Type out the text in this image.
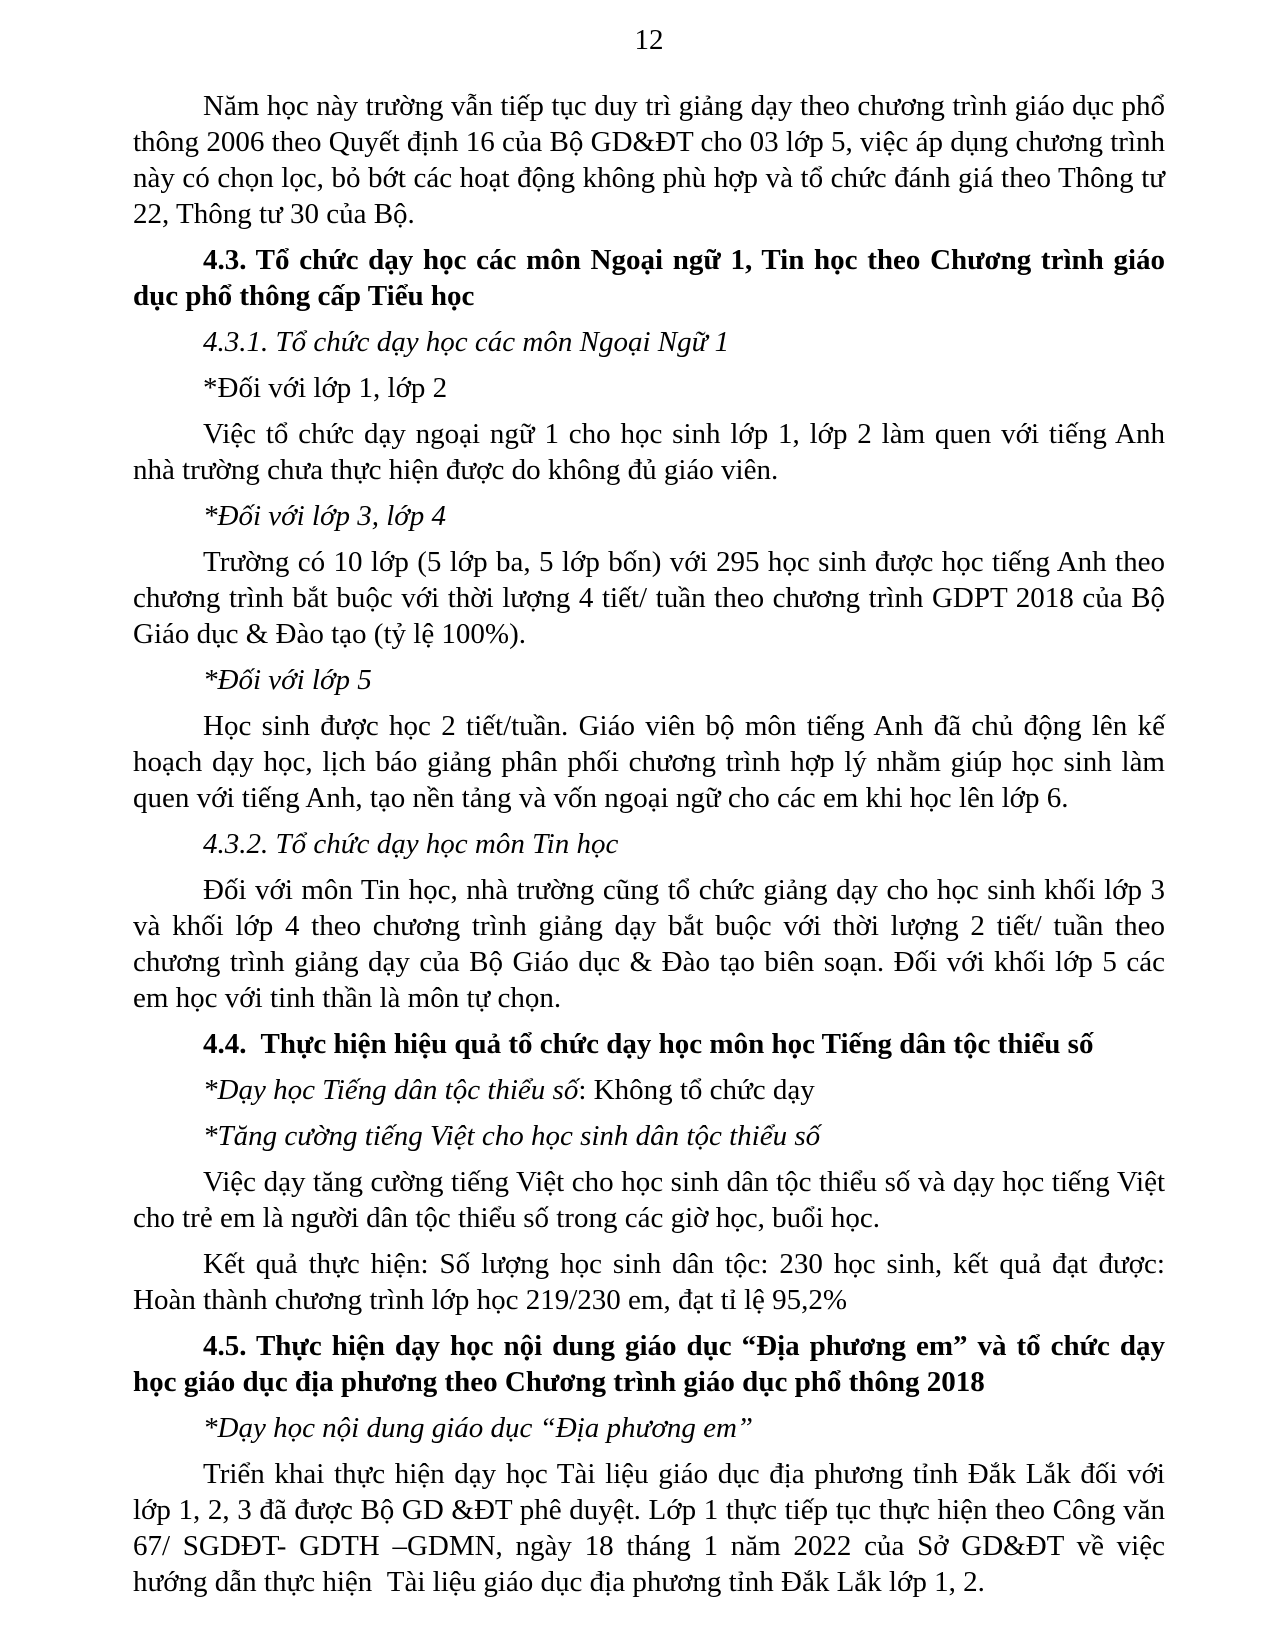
12

Năm học này trường vẫn tiếp tục duy trì giảng dạy theo chương trình giáo dục phổ thông 2006 theo Quyết định 16 của Bộ GD&ĐT cho 03 lớp 5, việc áp dụng chương trình này có chọn lọc, bỏ bớt các hoạt động không phù hợp và tổ chức đánh giá theo Thông tư 22, Thông tư 30 của Bộ.

4.3. Tổ chức dạy học các môn Ngoại ngữ 1, Tin học theo Chương trình giáo dục phổ thông cấp Tiểu học

4.3.1. Tổ chức dạy học các môn Ngoại Ngữ 1

*Đối với lớp 1, lớp 2

Việc tổ chức dạy ngoại ngữ 1 cho học sinh lớp 1, lớp 2 làm quen với tiếng Anh nhà trường chưa thực hiện được do không đủ giáo viên.

*Đối với lớp 3, lớp 4

Trường có 10 lớp (5 lớp ba, 5 lớp bốn) với 295 học sinh được học tiếng Anh theo chương trình bắt buộc với thời lượng 4 tiết/ tuần theo chương trình GDPT 2018 của Bộ Giáo dục & Đào tạo (tỷ lệ 100%).

*Đối với lớp 5

Học sinh được học 2 tiết/tuần. Giáo viên bộ môn tiếng Anh đã chủ động lên kế hoạch dạy học, lịch báo giảng phân phối chương trình hợp lý nhằm giúp học sinh làm quen với tiếng Anh, tạo nền tảng và vốn ngoại ngữ cho các em khi học lên lớp 6.

4.3.2. Tổ chức dạy học môn Tin học

Đối với môn Tin học, nhà trường cũng tổ chức giảng dạy cho học sinh khối lớp 3 và khối lớp 4 theo chương trình giảng dạy bắt buộc với thời lượng 2 tiết/ tuần theo chương trình giảng dạy của Bộ Giáo dục & Đào tạo biên soạn. Đối với khối lớp 5 các em học với tinh thần là môn tự chọn.

4.4.  Thực hiện hiệu quả tổ chức dạy học môn học Tiếng dân tộc thiểu số

*Dạy học Tiếng dân tộc thiểu số: Không tổ chức dạy

*Tăng cường tiếng Việt cho học sinh dân tộc thiểu số

Việc dạy tăng cường tiếng Việt cho học sinh dân tộc thiểu số và dạy học tiếng Việt cho trẻ em là người dân tộc thiểu số trong các giờ học, buổi học.

Kết quả thực hiện: Số lượng học sinh dân tộc: 230 học sinh, kết quả đạt được: Hoàn thành chương trình lớp học 219/230 em, đạt tỉ lệ 95,2%

4.5. Thực hiện dạy học nội dung giáo dục “Địa phương em” và tổ chức dạy học giáo dục địa phương theo Chương trình giáo dục phổ thông 2018

*Dạy học nội dung giáo dục “Địa phương em”

Triển khai thực hiện dạy học Tài liệu giáo dục địa phương tỉnh Đắk Lắk đối với lớp 1, 2, 3 đã được Bộ GD &ĐT phê duyệt. Lớp 1 thực tiếp tục thực hiện theo Công văn 67/ SGDĐT- GDTH –GDMN, ngày 18 tháng 1 năm 2022 của Sở GD&ĐT về việc hướng dẫn thực hiện  Tài liệu giáo dục địa phương tỉnh Đắk Lắk lớp 1, 2.
